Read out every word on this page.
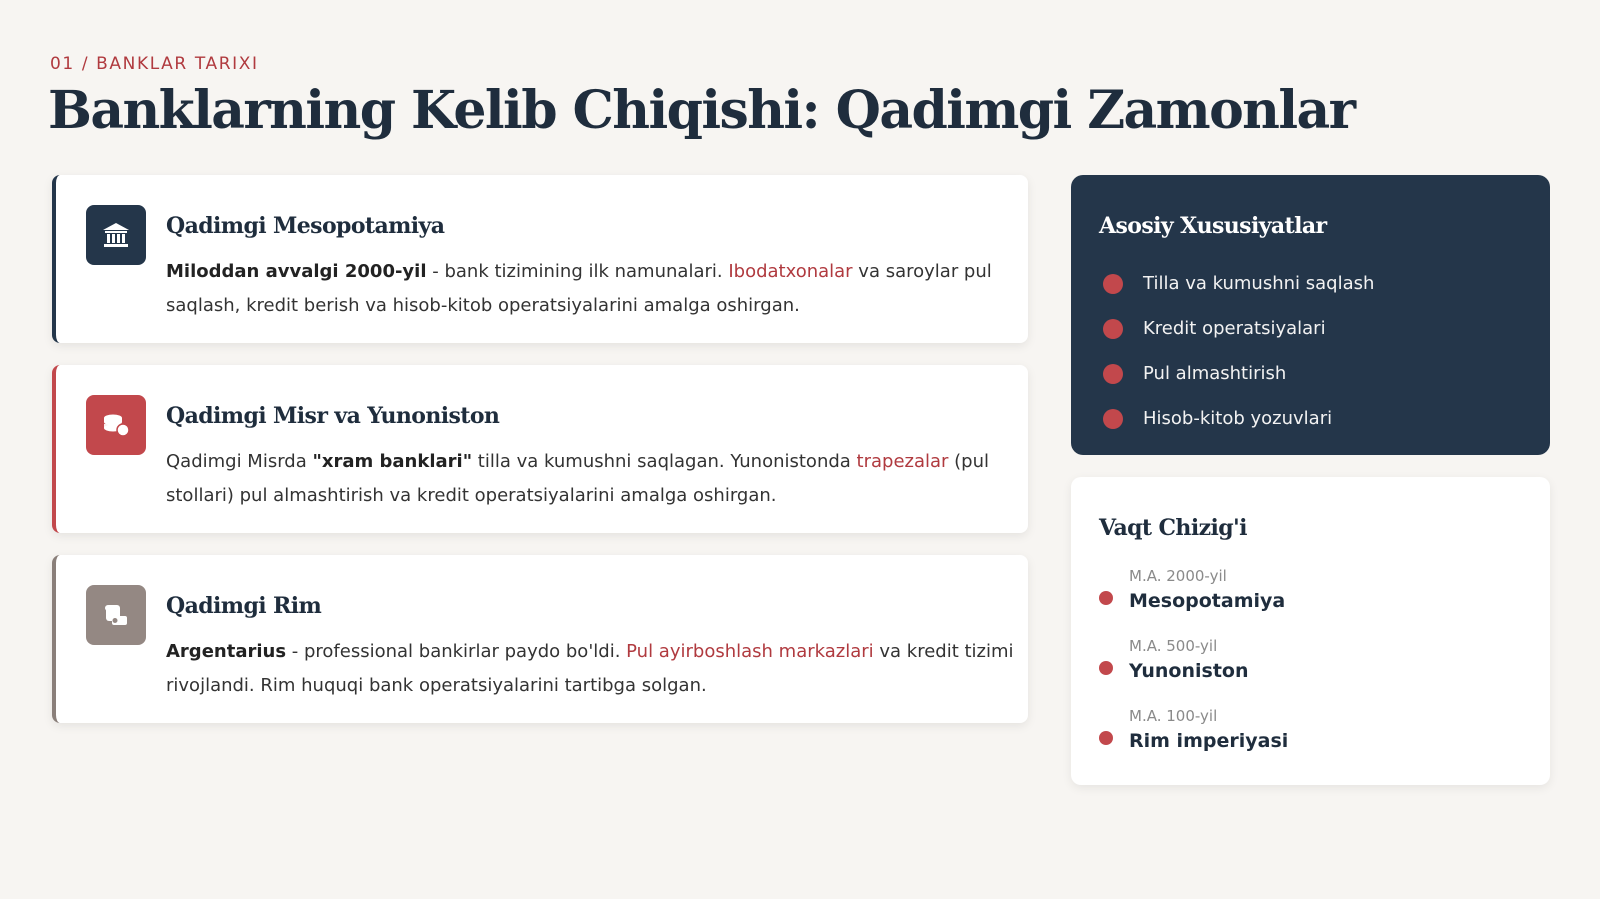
01 / BANKLAR TARIXI
Banklarning Kelib Chiqishi: Qadimgi Zamonlar
Qadimgi Mesopotamiya

Miloddan avvalgi 2000-yil - bank tizimining ilk namunalari. Ibodatxonalar va saroylar pul saqlash, kredit berish va hisob-kitob operatsiyalarini amalga oshirgan.

Qadimgi Misr va Yunoniston

Qadimgi Misrda "xram banklari" tilla va kumushni saqlagan. Yunonistonda trapezalar (pul stollari) pul almashtirish va kredit operatsiyalarini amalga oshirgan.

Qadimgi Rim

Argentarius - professional bankirlar paydo bo'ldi. Pul ayirboshlash markazlari va kredit tizimi rivojlandi. Rim huquqi bank operatsiyalarini tartibga solgan.

Asosiy Xususiyatlar
Tilla va kumushni saqlash
Kredit operatsiyalari
Pul almashtirish
Hisob-kitob yozuvlari
Vaqt Chizig'i
M.A. 2000-yil
Mesopotamiya
M.A. 500-yil
Yunoniston
M.A. 100-yil
Rim imperiyasi
